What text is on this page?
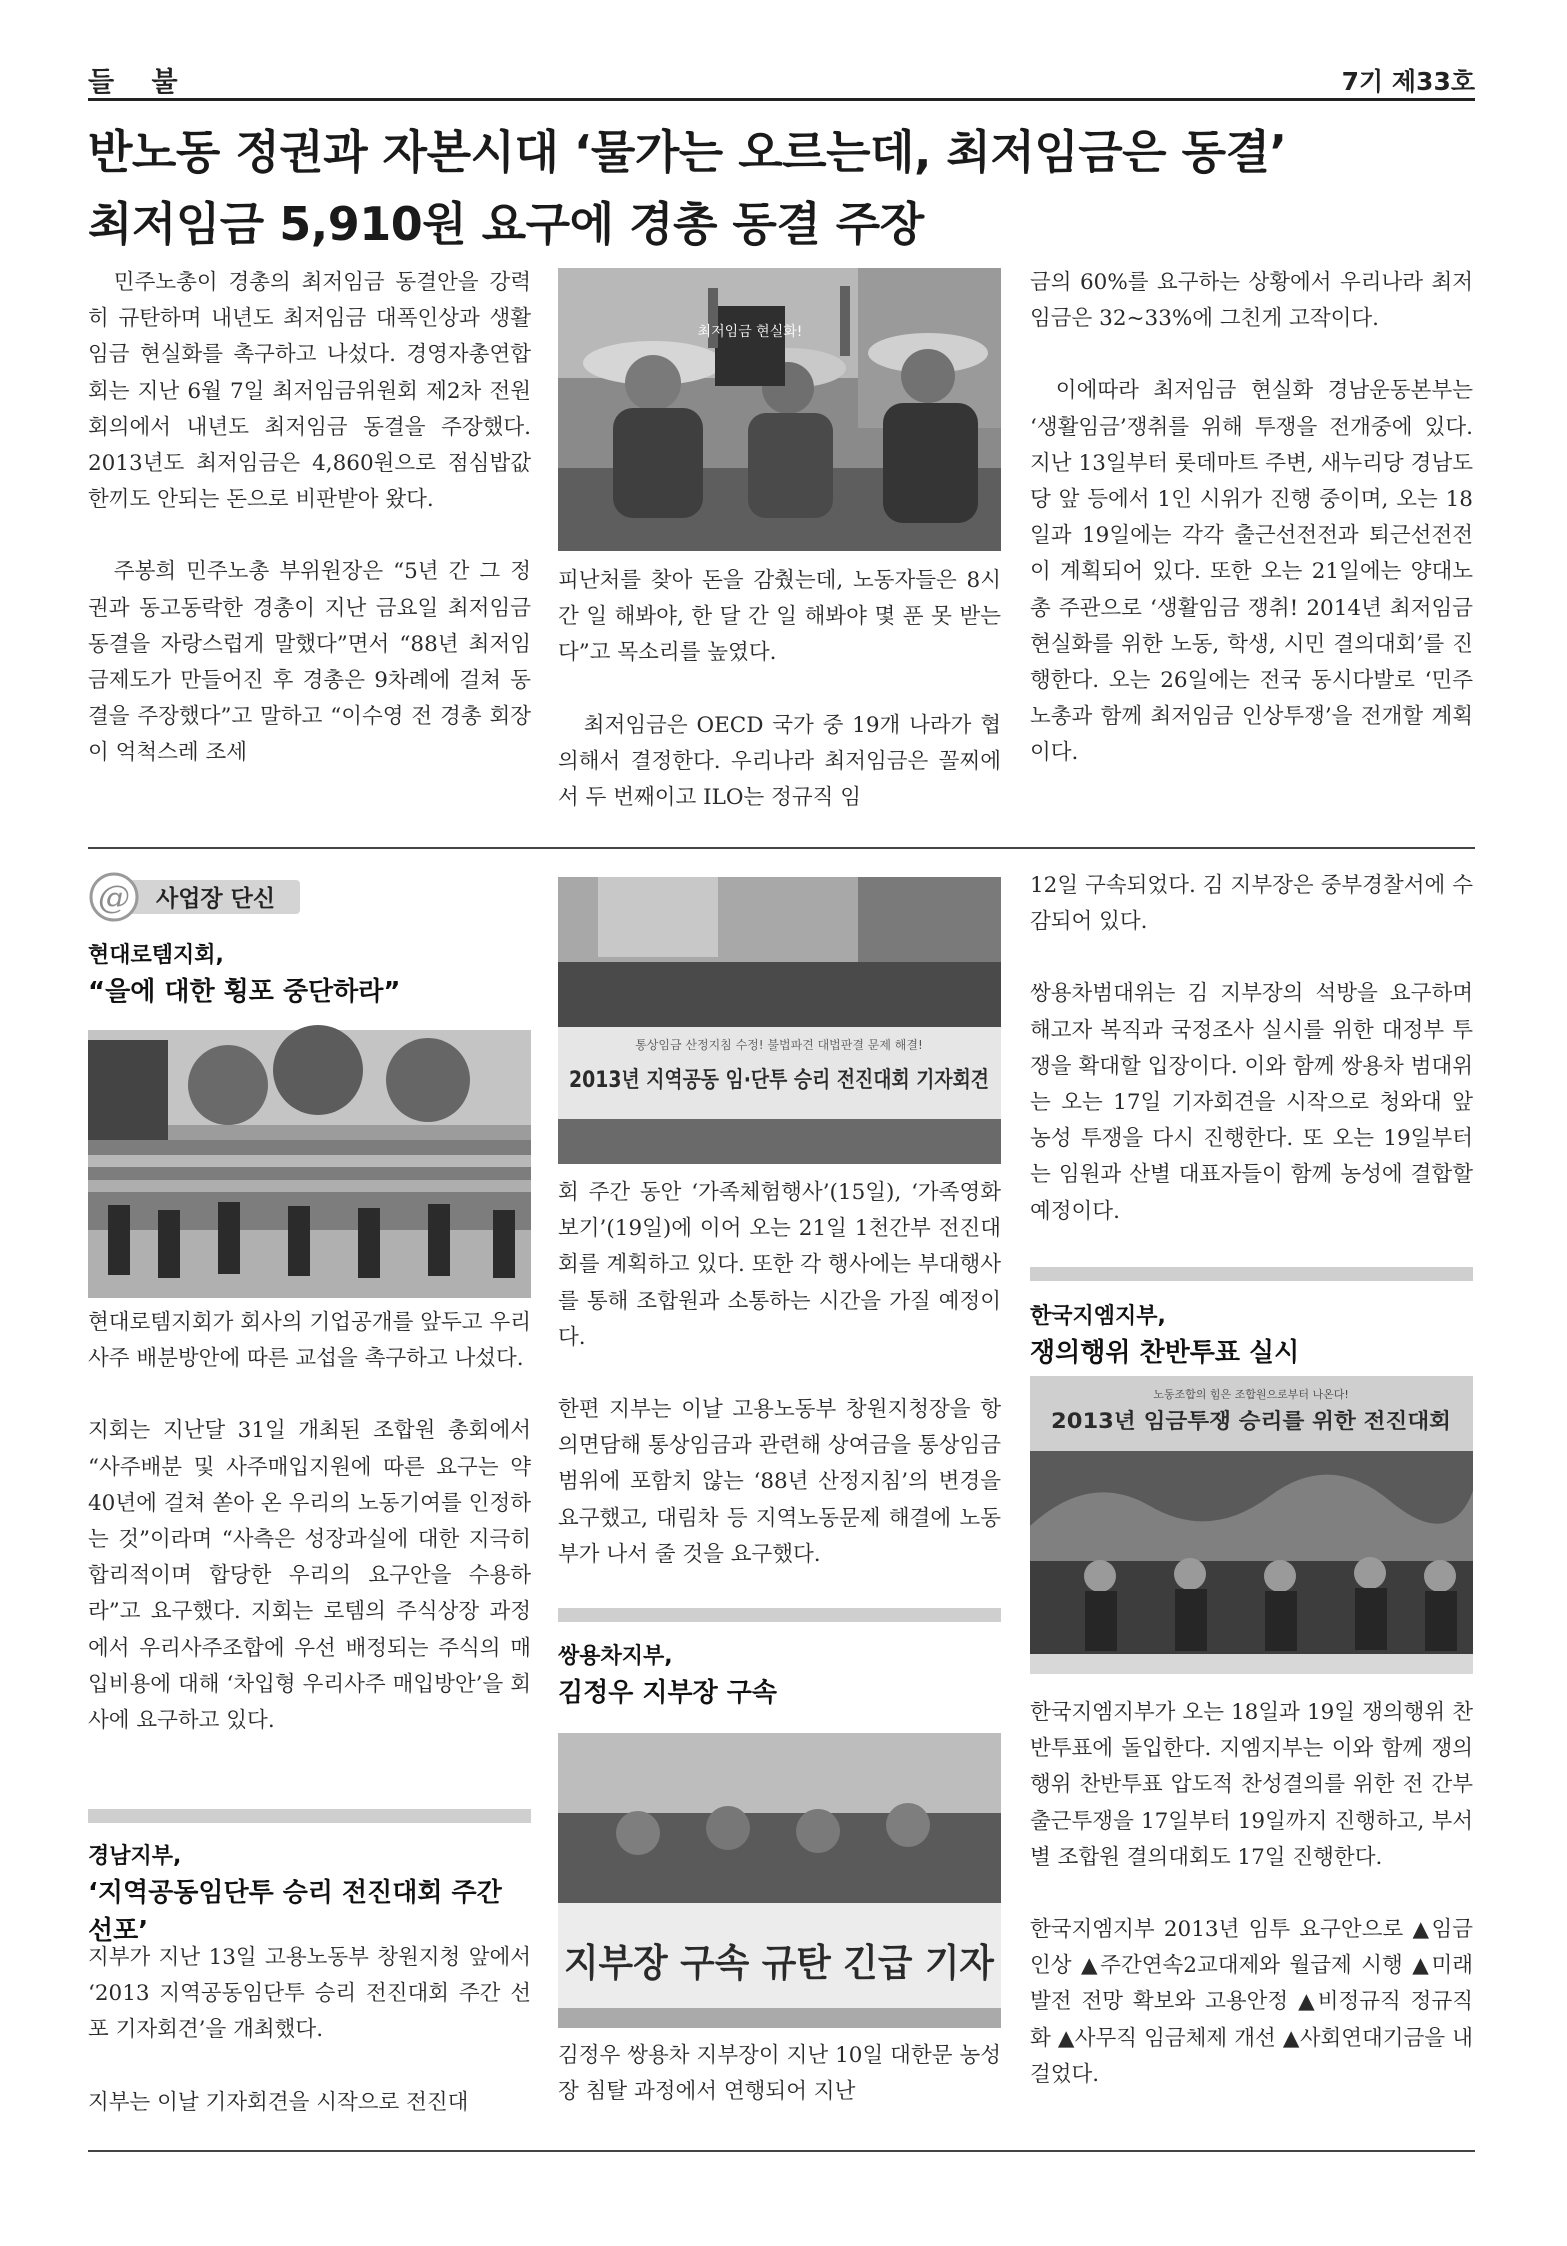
들 불	7기 제33호
반노동 정권과 자본시대 ‘물가는 오르는데, 최저임금은 동결’
최저임금 5,910원 요구에 경총 동결 주장

민주노총이 경총의 최저임금 동결안을 강력히 규탄하며 내년도 최저임금 대폭인상과 생활임금 현실화를 촉구하고 나섰다. 경영자총연합회는 지난 6월 7일 최저임금위원회 제2차 전원회의에서 내년도 최저임금 동결을 주장했다. 2013년도 최저임금은 4,860원으로 점심밥값 한끼도 안되는 돈으로 비판받아 왔다.

주봉희 민주노총 부위원장은 “5년 간 그 정권과 동고동락한 경총이 지난 금요일 최저임금 동결을 자랑스럽게 말했다”면서 “88년 최저임금제도가 만들어진 후 경총은 9차례에 걸쳐 동결을 주장했다”고 말하고 “이수영 전 경총 회장이 억척스레 조세

최저임금 현실화!

피난처를 찾아 돈을 감췄는데, 노동자들은 8시간 일 해봐야, 한 달 간 일 해봐야 몇 푼 못 받는다”고 목소리를 높였다.

최저임금은 OECD 국가 중 19개 나라가 협의해서 결정한다. 우리나라 최저임금은 꼴찌에서 두 번째이고 ILO는 정규직 임

금의 60%를 요구하는 상황에서 우리나라 최저임금은 32~33%에 그친게 고작이다.

이에따라 최저임금 현실화 경남운동본부는 ‘생활임금’쟁취를 위해 투쟁을 전개중에 있다. 지난 13일부터 롯데마트 주변, 새누리당 경남도당 앞 등에서 1인 시위가 진행 중이며, 오는 18일과 19일에는 각각 출근선전전과 퇴근선전전이 계획되어 있다. 또한 오는 21일에는 양대노총 주관으로 ‘생활임금 쟁취! 2014년 최저임금 현실화를 위한 노동, 학생, 시민 결의대회’를 진행한다. 오는 26일에는 전국 동시다발로 ‘민주노총과 함께 최저임금 인상투쟁’을 전개할 계획이다.

@ 사업장 단신

현대로템지회,

“을에 대한 횡포 중단하라”

현대로템지회가 회사의 기업공개를 앞두고 우리사주 배분방안에 따른 교섭을 촉구하고 나섰다.

지회는 지난달 31일 개최된 조합원 총회에서 “사주배분 및 사주매입지원에 따른 요구는 약40년에 걸쳐 쏟아 온 우리의 노동기여를 인정하는 것”이라며 “사측은 성장과실에 대한 지극히 합리적이며 합당한 우리의 요구안을 수용하라”고 요구했다. 지회는 로템의 주식상장 과정에서 우리사주조합에 우선 배정되는 주식의 매입비용에 대해 ‘차입형 우리사주 매입방안’을 회사에 요구하고 있다.

경남지부,

‘지역공동임단투 승리 전진대회 주간 선포’

지부가 지난 13일 고용노동부 창원지청 앞에서 ‘2013 지역공동임단투 승리 전진대회 주간 선포 기자회견’을 개최했다.

지부는 이날 기자회견을 시작으로 전진대

통상임금 산정지침 수정! 불법파견 대법판결 문제 해결!
2013년 지역공동 임·단투 승리 전진대회 기자회견

회 주간 동안 ‘가족체험행사’(15일), ‘가족영화보기’(19일)에 이어 오는 21일 1천간부 전진대회를 계획하고 있다. 또한 각 행사에는 부대행사를 통해 조합원과 소통하는 시간을 가질 예정이다.

한편 지부는 이날 고용노동부 창원지청장을 항의면담해 통상임금과 관련해 상여금을 통상임금 범위에 포함치 않는 ‘88년 산정지침’의 변경을 요구했고, 대림차 등 지역노동문제 해결에 노동부가 나서 줄 것을 요구했다.

쌍용차지부,

김정우 지부장 구속

지부장 구속 규탄 긴급 기자

김정우 쌍용차 지부장이 지난 10일 대한문 농성장 침탈 과정에서 연행되어 지난

12일 구속되었다. 김 지부장은 중부경찰서에 수감되어 있다.

쌍용차범대위는 김 지부장의 석방을 요구하며 해고자 복직과 국정조사 실시를 위한 대정부 투쟁을 확대할 입장이다. 이와 함께 쌍용차 범대위는 오는 17일 기자회견을 시작으로 청와대 앞 농성 투쟁을 다시 진행한다. 또 오는 19일부터는 임원과 산별 대표자들이 함께 농성에 결합할 예정이다.

한국지엠지부,

쟁의행위 찬반투표 실시

노동조합의 힘은 조합원으로부터 나온다!
2013년 임금투쟁 승리를 위한 전진대회

한국지엠지부가 오는 18일과 19일 쟁의행위 찬반투표에 돌입한다. 지엠지부는 이와 함께 쟁의행위 찬반투표 압도적 찬성결의를 위한 전 간부 출근투쟁을 17일부터 19일까지 진행하고, 부서별 조합원 결의대회도 17일 진행한다.

한국지엠지부 2013년 임투 요구안으로 ▲임금인상 ▲주간연속2교대제와 월급제 시행 ▲미래 발전 전망 확보와 고용안정 ▲비정규직 정규직화 ▲사무직 임금체제 개선 ▲사회연대기금을 내걸었다.
